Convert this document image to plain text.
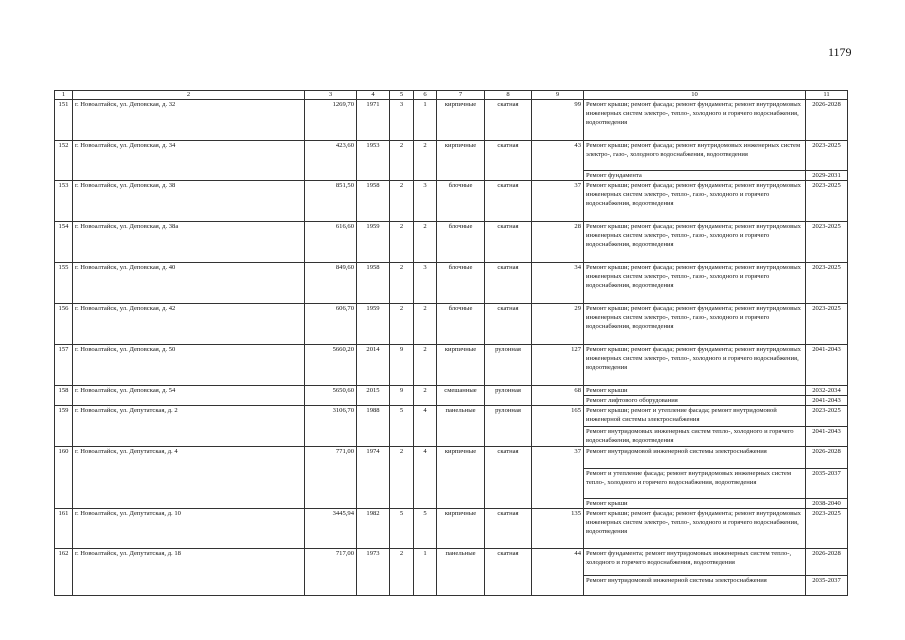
1179
1	2	3	4	5	6	7	8	9	10	11
151	г. Новоалтайск, ул. Деповская, д. 32	1269,70	1971	3	1	кирпичные	скатная	99	Ремонт крыши; ремонт фасада; ремонт фундамента; ремонт внутридомовых инженерных систем электро-, тепло-, холодного и горячего водоснабжения, водоотведения	2026-2028
152	г. Новоалтайск, ул. Деповская, д. 34	423,60	1953	2	2	кирпичные	скатная	43	Ремонт крыши; ремонт фасада; ремонт внутридомовых инженерных систем электро-, газо-, холодного водоснабжения, водоотведения	2023-2025
									Ремонт фундамента	2029-2031
153	г. Новоалтайск, ул. Деповская, д. 38	851,50	1958	2	3	блочные	скатная	37	Ремонт крыши; ремонт фасада; ремонт фундамента; ремонт внутридомовых инженерных систем электро-, тепло-, газо-, холодного и горячего водоснабжения, водоотведения	2023-2025
154	г. Новоалтайск, ул. Деповская, д. 38а	616,60	1959	2	2	блочные	скатная	28	Ремонт крыши; ремонт фасада; ремонт фундамента; ремонт внутридомовых инженерных систем электро-, тепло-, газо-, холодного и горячего водоснабжения, водоотведения	2023-2025
155	г. Новоалтайск, ул. Деповская, д. 40	849,60	1958	2	3	блочные	скатная	34	Ремонт крыши; ремонт фасада; ремонт фундамента; ремонт внутридомовых инженерных систем электро-, тепло-, газо-, холодного и горячего водоснабжения, водоотведения	2023-2025
156	г. Новоалтайск, ул. Деповская, д. 42	606,70	1959	2	2	блочные	скатная	29	Ремонт крыши; ремонт фасада; ремонт фундамента; ремонт внутридомовых инженерных систем электро-, тепло-, газо-, холодного и горячего водоснабжения, водоотведения	2023-2025
157	г. Новоалтайск, ул. Деповская, д. 50	5660,20	2014	9	2	кирпичные	рулонная	127	Ремонт крыши; ремонт фасада; ремонт фундамента; ремонт внутридомовых инженерных систем электро-, тепло-, холодного и горячего водоснабжения, водоотведения	2041-2043
158	г. Новоалтайск, ул. Деповская, д. 54	5650,60	2015	9	2	смешанные	рулонная	68	Ремонт крыши	2032-2034
									Ремонт лифтового оборудования	2041-2043
159	г. Новоалтайск, ул. Депутатская, д. 2	3106,70	1988	5	4	панельные	рулонная	165	Ремонт крыши; ремонт и утепление фасада; ремонт внутридомовой инженерной системы электроснабжения	2023-2025
									Ремонт внутридомовых инженерных систем тепло-, холодного и горячего водоснабжения, водоотведения	2041-2043
160	г. Новоалтайск, ул. Депутатская, д. 4	771,00	1974	2	4	кирпичные	скатная	37	Ремонт внутридомовой инженерной системы электроснабжения	2026-2028
									Ремонт и утепление фасада; ремонт внутридомовых инженерных систем тепло-, холодного и горячего водоснабжения, водоотведения	2035-2037
									Ремонт крыши	2038-2040
161	г. Новоалтайск, ул. Депутатская, д. 10	3445,94	1982	5	5	кирпичные	скатная	135	Ремонт крыши; ремонт фасада; ремонт фундамента; ремонт внутридомовых инженерных систем электро-, тепло-, холодного и горячего водоснабжения, водоотведения	2023-2025
162	г. Новоалтайск, ул. Депутатская, д. 18	717,00	1973	2	1	панельные	скатная	44	Ремонт фундамента; ремонт внутридомовых инженерных систем тепло-, холодного и горячего водоснабжения, водоотведения	2026-2028
									Ремонт внутридомовой инженерной системы электроснабжения	2035-2037
